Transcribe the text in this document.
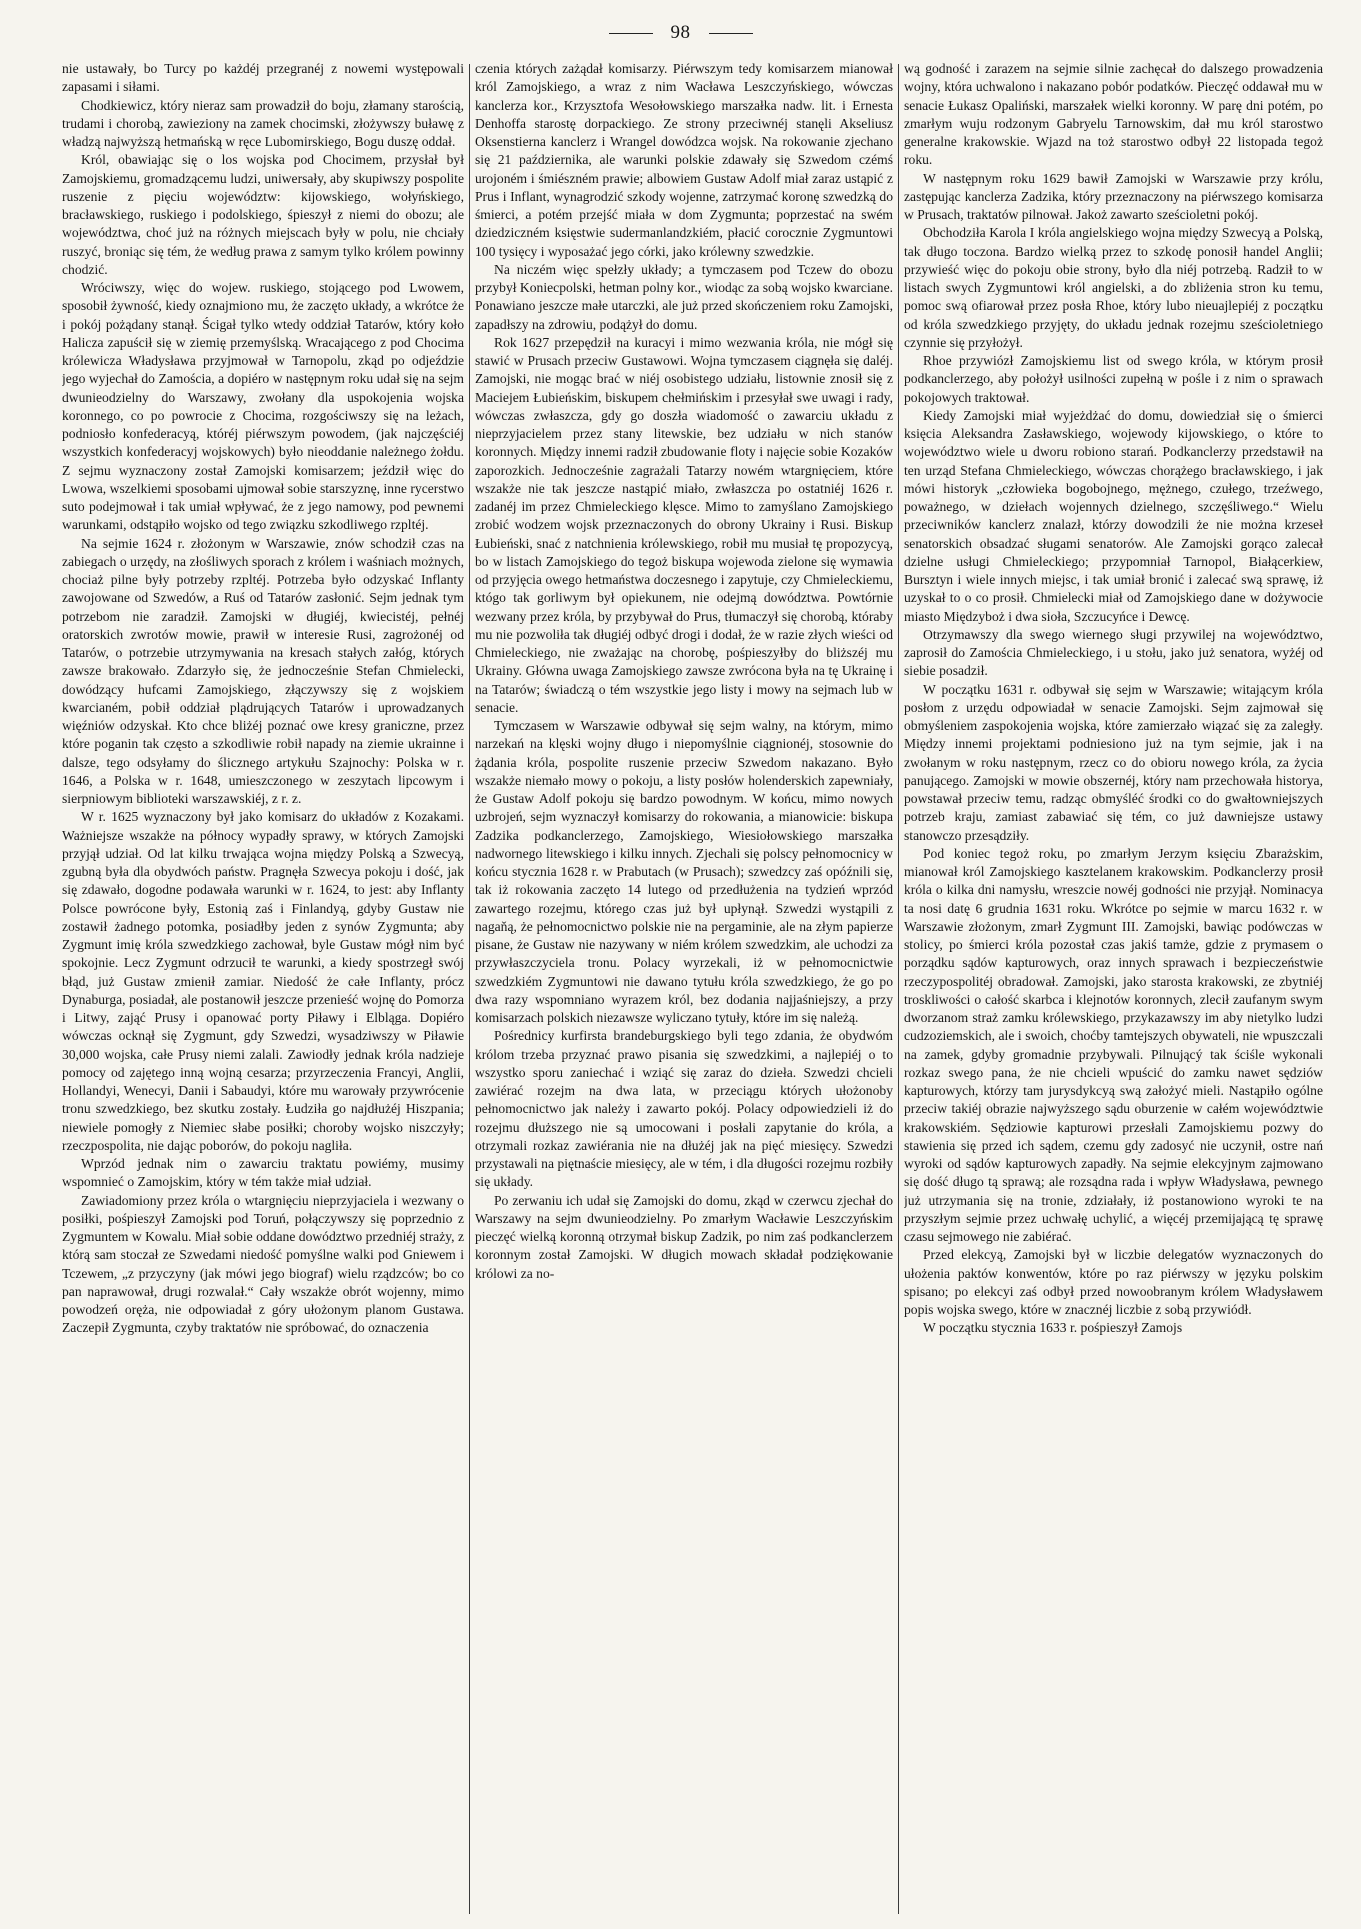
98

nie ustawały, bo Turcy po każdéj przegranéj z nowemi występowali zapasami i siłami.

Chodkiewicz, który nieraz sam prowadził do boju, złamany starością, trudami i chorobą, zawieziony na zamek chocimski, złożywszy buławę z władzą najwyższą hetmańską w ręce Lubomirskiego, Bogu duszę oddał.

Król, obawiając się o los wojska pod Chocimem, przysłał był Zamojskiemu, gromadzącemu ludzi, uniwersały, aby skupiwszy pospolite ruszenie z pięciu województw: kijowskiego, wołyńskiego, bracławskiego, ruskiego i podolskiego, śpieszył z niemi do obozu; ale województwa, choć już na różnych miejscach były w polu, nie chciały ruszyć, broniąc się tém, że według prawa z samym tylko królem powinny chodzić.

Wróciwszy, więc do wojew. ruskiego, stojącego pod Lwowem, sposobił żywność, kiedy oznajmiono mu, że zaczęto układy, a wkrótce że i pokój pożądany stanął. Ścigał tylko wtedy oddział Tatarów, który koło Halicza zapuścił się w ziemię przemyślską. Wracającego z pod Chocima królewicza Władysława przyjmował w Tarnopolu, zkąd po odjeździe jego wyjechał do Zamościa, a dopiéro w następnym roku udał się na sejm dwunieodzielny do Warszawy, zwołany dla uspokojenia wojska koronnego, co po powrocie z Chocima, rozgościwszy się na leżach, podniosło konfederacyą, któréj piérwszym powodem, (jak najczęściéj wszystkich konfederacyj wojskowych) było nieoddanie należnego żołdu. Z sejmu wyznaczony został Zamojski komisarzem; jeździł więc do Lwowa, wszelkiemi sposobami ujmował sobie starszyznę, inne rycerstwo suto podejmował i tak umiał wpływać, że z jego namowy, pod pewnemi warunkami, odstąpiło wojsko od tego związku szkodliwego rzpltéj.

Na sejmie 1624 r. złożonym w Warszawie, znów schodził czas na zabiegach o urzędy, na złośliwych sporach z królem i waśniach możnych, chociaż pilne były potrzeby rzpltéj. Potrzeba było odzyskać Inflanty zawojowane od Szwedów, a Ruś od Tatarów zasłonić. Sejm jednak tym potrzebom nie zaradził. Zamojski w długiéj, kwiecistéj, pełnéj oratorskich zwrotów mowie, prawił w interesie Rusi, zagrożonéj od Tatarów, o potrzebie utrzymywania na kresach stałych załóg, których zawsze brakowało. Zdarzyło się, że jednocześnie Stefan Chmielecki, dowódzący hufcami Zamojskiego, złączywszy się z wojskiem kwarcianém, pobił oddział plądrujących Tatarów i uprowadzanych więźniów odzyskał. Kto chce bliżéj poznać owe kresy graniczne, przez które poganin tak często a szkodliwie robił napady na ziemie ukrainne i dalsze, tego odsyłamy do ślicznego artykułu Szajnochy: Polska w r. 1646, a Polska w r. 1648, umieszczonego w zeszytach lipcowym i sierpniowym biblioteki warszawskiéj, z r. z.

W r. 1625 wyznaczony był jako komisarz do układów z Kozakami. Ważniejsze wszakże na północy wypadły sprawy, w których Zamojski przyjął udział. Od lat kilku trwająca wojna między Polską a Szwecyą, zgubną była dla obydwóch państw. Pragnęła Szwecya pokoju i dość, jak się zdawało, dogodne podawała warunki w r. 1624, to jest: aby Inflanty Polsce powrócone były, Estonią zaś i Finlandyą, gdyby Gustaw nie zostawił żadnego potomka, posiadłby jeden z synów Zygmunta; aby Zygmunt imię króla szwedzkiego zachował, byle Gustaw mógł nim być spokojnie. Lecz Zygmunt odrzucił te warunki, a kiedy spostrzegł swój błąd, już Gustaw zmienił zamiar. Niedość że całe Inflanty, prócz Dynaburga, posiadał, ale postanowił jeszcze przenieść wojnę do Pomorza i Litwy, zająć Prusy i opanować porty Piławy i Elbląga. Dopiéro wówczas ocknął się Zygmunt, gdy Szwedzi, wysadziwszy w Piławie 30,000 wojska, całe Prusy niemi zalali. Zawiodły jednak króla nadzieje pomocy od zajętego inną wojną cesarza; przyrzeczenia Francyi, Anglii, Hollandyi, Wenecyi, Danii i Sabaudyi, które mu warowały przywrócenie tronu szwedzkiego, bez skutku zostały. Łudziła go najdłużéj Hiszpania; niewiele pomogły z Niemiec słabe posiłki; choroby wojsko niszczyły; rzeczpospolita, nie dając poborów, do pokoju nagliła.

Wprzód jednak nim o zawarciu traktatu powiémy, musimy wspomnieć o Zamojskim, który w tém także miał udział.

Zawiadomiony przez króla o wtargnięciu nieprzyjaciela i wezwany o posiłki, pośpieszył Zamojski pod Toruń, połączywszy się poprzednio z Zygmuntem w Kowalu. Miał sobie oddane dowództwo przedniéj straży, z którą sam stoczał ze Szwedami niedość pomyślne walki pod Gniewem i Tczewem, „z przyczyny (jak mówi jego biograf) wielu rządzców; bo co pan naprawował, drugi rozwalał.“ Cały wszakże obrót wojenny, mimo powodzeń oręża, nie odpowiadał z góry ułożonym planom Gustawa. Zaczepił Zygmunta, czyby traktatów nie spróbować, do oznaczenia

czenia których zażądał komisarzy. Piérwszym tedy komisarzem mianował król Zamojskiego, a wraz z nim Wacława Leszczyńskiego, wówczas kanclerza kor., Krzysztofa Wesołowskiego marszałka nadw. lit. i Ernesta Denhoffa starostę dorpackiego. Ze strony przeciwnéj stanęli Akseliusz Oksenstierna kanclerz i Wrangel dowódzca wojsk. Na rokowanie zjechano się 21 października, ale warunki polskie zdawały się Szwedom czémś urojoném i śmiészném prawie; albowiem Gustaw Adolf miał zaraz ustąpić z Prus i Inflant, wynagrodzić szkody wojenne, zatrzymać koronę szwedzką do śmierci, a potém przejść miała w dom Zygmunta; poprzestać na swém dziedziczném księstwie sudermanlandzkiém, płacić corocznie Zygmuntowi 100 tysięcy i wyposażać jego córki, jako królewny szwedzkie.

Na niczém więc spełzły układy; a tymczasem pod Tczew do obozu przybył Koniecpolski, hetman polny kor., wiodąc za sobą wojsko kwarciane. Ponawiano jeszcze małe utarczki, ale już przed skończeniem roku Zamojski, zapadłszy na zdrowiu, podążył do domu.

Rok 1627 przepędził na kuracyi i mimo wezwania króla, nie mógł się stawić w Prusach przeciw Gustawowi. Wojna tymczasem ciągnęła się daléj. Zamojski, nie mogąc brać w niéj osobistego udziału, listownie znosił się z Maciejem Łubieńskim, biskupem chełmińskim i przesyłał swe uwagi i rady, wówczas zwłaszcza, gdy go doszła wiadomość o zawarciu układu z nieprzyjacielem przez stany litewskie, bez udziału w nich stanów koronnych. Między innemi radził zbudowanie floty i najęcie sobie Kozaków zaporozkich. Jednocześnie zagrażali Tatarzy nowém wtargnięciem, które wszakże nie tak jeszcze nastąpić miało, zwłaszcza po ostatniéj 1626 r. zadanéj im przez Chmieleckiego klęsce. Mimo to zamyślano Zamojskiego zrobić wodzem wojsk przeznaczonych do obrony Ukrainy i Rusi. Biskup Łubieński, snać z natchnienia królewskiego, robił mu musiał tę propozycyą, bo w listach Zamojskiego do tegoż biskupa wojewoda zielone się wymawia od przyjęcia owego hetmaństwa doczesnego i zapytuje, czy Chmieleckiemu, któgo tak gorliwym był opiekunem, nie odejmą dowództwa. Powtórnie wezwany przez króla, by przybywał do Prus, tłumaczył się chorobą, któraby mu nie pozwoliła tak długiéj odbyć drogi i dodał, że w razie złych wieści od Chmieleckiego, nie zważając na chorobę, pośpieszyłby do bliższéj mu Ukrainy. Główna uwaga Zamojskiego zawsze zwrócona była na tę Ukrainę i na Tatarów; świadczą o tém wszystkie jego listy i mowy na sejmach lub w senacie.

Tymczasem w Warszawie odbywał się sejm walny, na którym, mimo narzekań na klęski wojny długo i niepomyślnie ciągnionéj, stosownie do żądania króla, pospolite ruszenie przeciw Szwedom nakazano. Było wszakże niemało mowy o pokoju, a listy posłów holenderskich zapewniały, że Gustaw Adolf pokoju się bardzo powodnym. W końcu, mimo nowych uzbrojeń, sejm wyznaczył komisarzy do rokowania, a mianowicie: biskupa Zadzika podkanclerzego, Zamojskiego, Wiesiołowskiego marszałka nadwornego litewskiego i kilku innych. Zjechali się polscy pełnomocnicy w końcu stycznia 1628 r. w Prabutach (w Prusach); szwedzcy zaś opóźnili się, tak iż rokowania zaczęto 14 lutego od przedłużenia na tydzień wprzód zawartego rozejmu, którego czas już był upłynął. Szwedzi wystąpili z nagaňą, że pełnomocnictwo polskie nie na pergaminie, ale na złym papierze pisane, że Gustaw nie nazywany w niém królem szwedzkim, ale uchodzi za przywłaszczyciela tronu. Polacy wyrzekali, iż w pełnomocnictwie szwedzkiém Zygmuntowi nie dawano tytułu króla szwedzkiego, że go po dwa razy wspomniano wyrazem król, bez dodania najjaśniejszy, a przy komisarzach polskich niezawsze wyliczano tytuły, które im się należą.

Pośrednicy kurfirsta brandeburgskiego byli tego zdania, że obydwóm królom trzeba przyznać prawo pisania się szwedzkimi, a najlepiéj o to wszystko sporu zaniechać i wziąć się zaraz do dzieła. Szwedzi chcieli zawiérać rozejm na dwa lata, w przeciągu których ułożonoby pełnomocnictwo jak należy i zawarto pokój. Polacy odpowiedzieli iż do rozejmu dłuższego nie są umocowani i posłali zapytanie do króla, a otrzymali rozkaz zawiérania nie na dłużéj jak na pięć miesięcy. Szwedzi przystawali na piętnaście miesięcy, ale w tém, i dla długości rozejmu rozbiły się układy.

Po zerwaniu ich udał się Zamojski do domu, zkąd w czerwcu zjechał do Warszawy na sejm dwunieodzielny. Po zmarłym Wacławie Leszczyńskim pieczęć wielką koronną otrzymał biskup Zadzik, po nim zaś podkanclerzem koronnym został Zamojski. W długich mowach składał podziękowanie królowi za no-

wą godność i zarazem na sejmie silnie zachęcał do dalszego prowadzenia wojny, która uchwalono i nakazano pobór podatków. Pieczęć oddawał mu w senacie Łukasz Opaliński, marszałek wielki koronny. W parę dni potém, po zmarłym wuju rodzonym Gabryelu Tarnowskim, dał mu król starostwo generalne krakowskie. Wjazd na toż starostwo odbył 22 listopada tegoż roku.

W następnym roku 1629 bawił Zamojski w Warszawie przy królu, zastępując kanclerza Zadzika, który przeznaczony na piérwszego komisarza w Prusach, traktatów pilnował. Jakoż zawarto sześcioletni pokój.

Obchodziła Karola I króla angielskiego wojna między Szwecyą a Polską, tak długo toczona. Bardzo wielką przez to szkodę ponosił handel Anglii; przywieść więc do pokoju obie strony, było dla niéj potrzebą. Radził to w listach swych Zygmuntowi król angielski, a do zbliżenia stron ku temu, pomoc swą ofiarował przez posła Rhoe, który lubo nieuajlepiéj z początku od króla szwedzkiego przyjęty, do układu jednak rozejmu sześcioletniego czynnie się przyłożył.

Rhoe przywiózł Zamojskiemu list od swego króla, w którym prosił podkanclerzego, aby położył usilności zupełną w pośle i z nim o sprawach pokojowych traktował.

Kiedy Zamojski miał wyjeżdżać do domu, dowiedział się o śmierci księcia Aleksandra Zasławskiego, wojewody kijowskiego, o które to województwo wiele u dworu robiono starań. Podkanclerzy przedstawił na ten urząd Stefana Chmieleckiego, wówczas chorążego bracławskiego, i jak mówi historyk „człowieka bogobojnego, mężnego, czułego, trzeźwego, poważnego, w dziełach wojennych dzielnego, szczęśliwego.“ Wielu przeciwników kanclerz znalazł, którzy dowodzili że nie można krzeseł senatorskich obsadzać sługami senatorów. Ale Zamojski gorąco zalecał dzielne usługi Chmieleckiego; przypomniał Tarnopol, Białącerkiew, Bursztyn i wiele innych miejsc, i tak umiał bronić i zalecać swą sprawę, iż uzyskał to o co prosił. Chmielecki miał od Zamojskiego dane w dożywocie miasto Międzyboż i dwa sioła, Szczucyńce i Dewcę.

Otrzymawszy dla swego wiernego sługi przywilej na województwo, zaprosił do Zamościa Chmieleckiego, i u stołu, jako już senatora, wyżéj od siebie posadził.

W początku 1631 r. odbywał się sejm w Warszawie; witającym króla posłom z urzędu odpowiadał w senacie Zamojski. Sejm zajmował się obmyśleniem zaspokojenia wojska, które zamierzało wiązać się za zaległy. Między innemi projektami podniesiono już na tym sejmie, jak i na zwołanym w roku następnym, rzecz co do obioru nowego króla, za życia panującego. Zamojski w mowie obszernéj, który nam przechowała historya, powstawał przeciw temu, radząc obmyśléć środki co do gwałtowniejszych potrzeb kraju, zamiast zabawiać się tém, co już dawniejsze ustawy stanowczo przesądziły.

Pod koniec tegoż roku, po zmarłym Jerzym księciu Zbarażskim, mianował król Zamojskiego kasztelanem krakowskim. Podkanclerzy prosił króla o kilka dni namysłu, wreszcie nowéj godności nie przyjął. Nominacya ta nosi datę 6 grudnia 1631 roku. Wkrótce po sejmie w marcu 1632 r. w Warszawie złożonym, zmarł Zygmunt III. Zamojski, bawiąc podówczas w stolicy, po śmierci króla pozostał czas jakiś tamże, gdzie z prymasem o porządku sądów kapturowych, oraz innych sprawach i bezpieczeństwie rzeczypospolitéj obradował. Zamojski, jako starosta krakowski, ze zbytniéj troskliwości o całość skarbca i klejnotów koronnych, zlecił zaufanym swym dworzanom straż zamku królewskiego, przykazawszy im aby nietylko ludzi cudzoziemskich, ale i swoich, choćby tamtejszych obywateli, nie wpuszczali na zamek, gdyby gromadnie przybywali. Pilnującý tak ściśle wykonali rozkaz swego pana, że nie chcieli wpuścić do zamku nawet sędziów kapturowych, którzy tam jurysdykcyą swą założyć mieli. Nastąpiło ogólne przeciw takiéj obrazie najwyższego sądu oburzenie w całém województwie krakowskiém. Sędziowie kapturowi przesłali Zamojskiemu pozwy do stawienia się przed ich sądem, czemu gdy zadosyć nie uczynił, ostre nań wyroki od sądów kapturowych zapadły. Na sejmie elekcyjnym zajmowano się dość długo tą sprawą; ale rozsądna rada i wpływ Władysława, pewnego już utrzymania się na tronie, zdziałały, iż postanowiono wyroki te na przyszłym sejmie przez uchwałę uchylić, a więcéj przemijającą tę sprawę czasu sejmowego nie zabiérać.

Przed elekcyą, Zamojski był w liczbie delegatów wyznaczonych do ułożenia paktów konwentów, które po raz piérwszy w języku polskim spisano; po elekcyi zaś odbył przed nowoobranym królem Władysławem popis wojska swego, które w znacznéj liczbie z sobą przywiódł.

W początku stycznia 1633 r. pośpieszył Zamojs
